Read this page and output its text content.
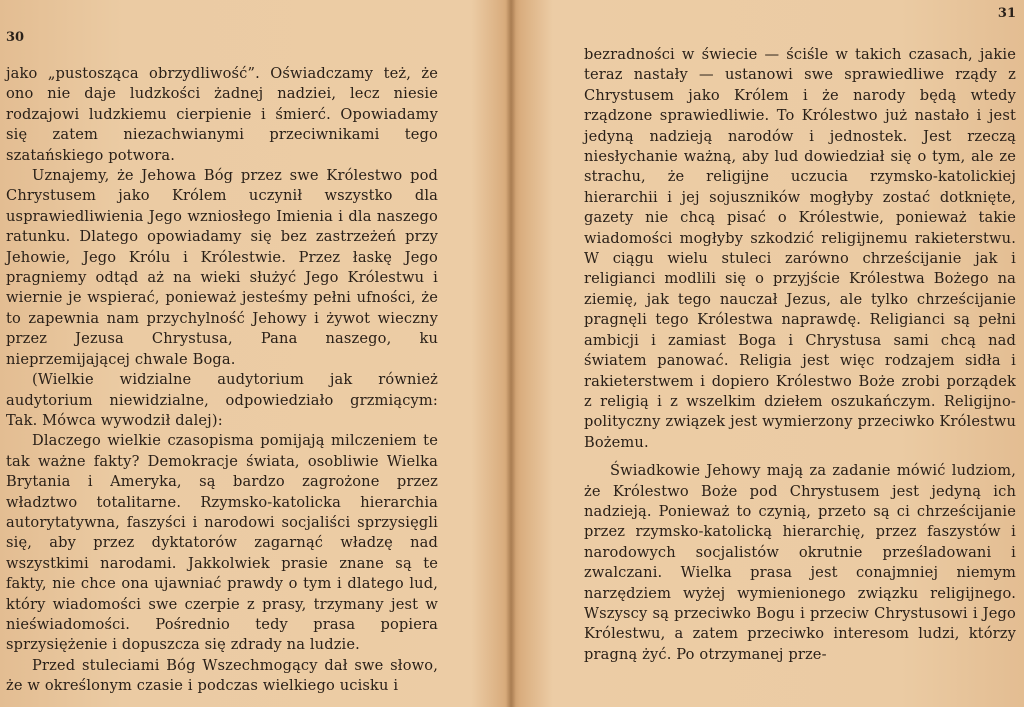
30

jako „pustosząca obrzydliwość”. Oświadczamy też, że ono nie daje ludzkości żadnej nadziei, lecz niesie rodzajowi ludzkiemu cierpienie i śmierć. Opowiadamy się zatem niezachwianymi przeciwnikami tego szatańskiego potwora.

Uznajemy, że Jehowa Bóg przez swe Królestwo pod Chrystusem jako Królem uczynił wszystko dla usprawiedliwienia Jego wzniosłego Imienia i dla naszego ratunku. Dlatego opowiadamy się bez zastrzeżeń przy Jehowie, Jego Królu i Królestwie. Przez łaskę Jego pragniemy odtąd aż na wieki służyć Jego Królestwu i wiernie je wspierać, ponieważ jesteśmy pełni ufności, że to zapewnia nam przychylność Jehowy i żywot wieczny przez Jezusa Chrystusa, Pana naszego, ku nieprzemijającej chwale Boga.

(Wielkie widzialne audytorium jak również audytorium niewidzialne, odpowiedziało grzmiącym: Tak. Mówca wywodził dalej):

Dlaczego wielkie czasopisma pomijają milczeniem te tak ważne fakty? Demokracje świata, osobliwie Wielka Brytania i Ameryka, są bardzo zagrożone przez władztwo totalitarne. Rzymsko-katolicka hierarchia autorytatywna, faszyści i narodowi socjaliści sprzysięgli się, aby przez dyktatorów zagarnąć władzę nad wszystkimi narodami. Jakkolwiek prasie znane są te fakty, nie chce ona ujawniać prawdy o tym i dlatego lud, który wiadomości swe czerpie z prasy, trzymany jest w nieświadomości. Pośrednio tedy prasa popiera sprzysiężenie i dopuszcza się zdrady na ludzie.

Przed stuleciami Bóg Wszechmogący dał swe słowo, że w określonym czasie i podczas wielkiego ucisku i

31

bezradności w świecie — ściśle w takich czasach, jakie teraz nastały — ustanowi swe sprawiedliwe rządy z Chrystusem jako Królem i że narody będą wtedy rządzone sprawiedliwie. To Królestwo już nastało i jest jedyną nadzieją narodów i jednostek. Jest rzeczą niesłychanie ważną, aby lud dowiedział się o tym, ale ze strachu, że religijne uczucia rzymsko-katolickiej hierarchii i jej sojuszników mogłyby zostać dotknięte, gazety nie chcą pisać o Królestwie, ponieważ takie wiadomości mogłyby szkodzić religijnemu rakieterstwu. W ciągu wielu stuleci zarówno chrześcijanie jak i religianci modlili się o przyjście Królestwa Bożego na ziemię, jak tego nauczał Jezus, ale tylko chrześcijanie pragnęli tego Królestwa naprawdę. Religianci są pełni ambicji i zamiast Boga i Chrystusa sami chcą nad światem panować. Religia jest więc rodzajem sidła i rakieterstwem i dopiero Królestwo Boże zrobi porządek z religią i z wszelkim dziełem oszukańczym. Religijno-polityczny związek jest wymierzony przeciwko Królestwu Bożemu.

Świadkowie Jehowy mają za zadanie mówić ludziom, że Królestwo Boże pod Chrystusem jest jedyną ich nadzieją. Ponieważ to czynią, przeto są ci chrześcijanie przez rzymsko-katolicką hierarchię, przez faszystów i narodowych socjalistów okrutnie prześladowani i zwalczani. Wielka prasa jest conajmniej niemym narzędziem wyżej wymienionego związku religijnego. Wszyscy są przeciwko Bogu i przeciw Chrystusowi i Jego Królestwu, a zatem przeciwko interesom ludzi, którzy pragną żyć. Po otrzymanej prze-
